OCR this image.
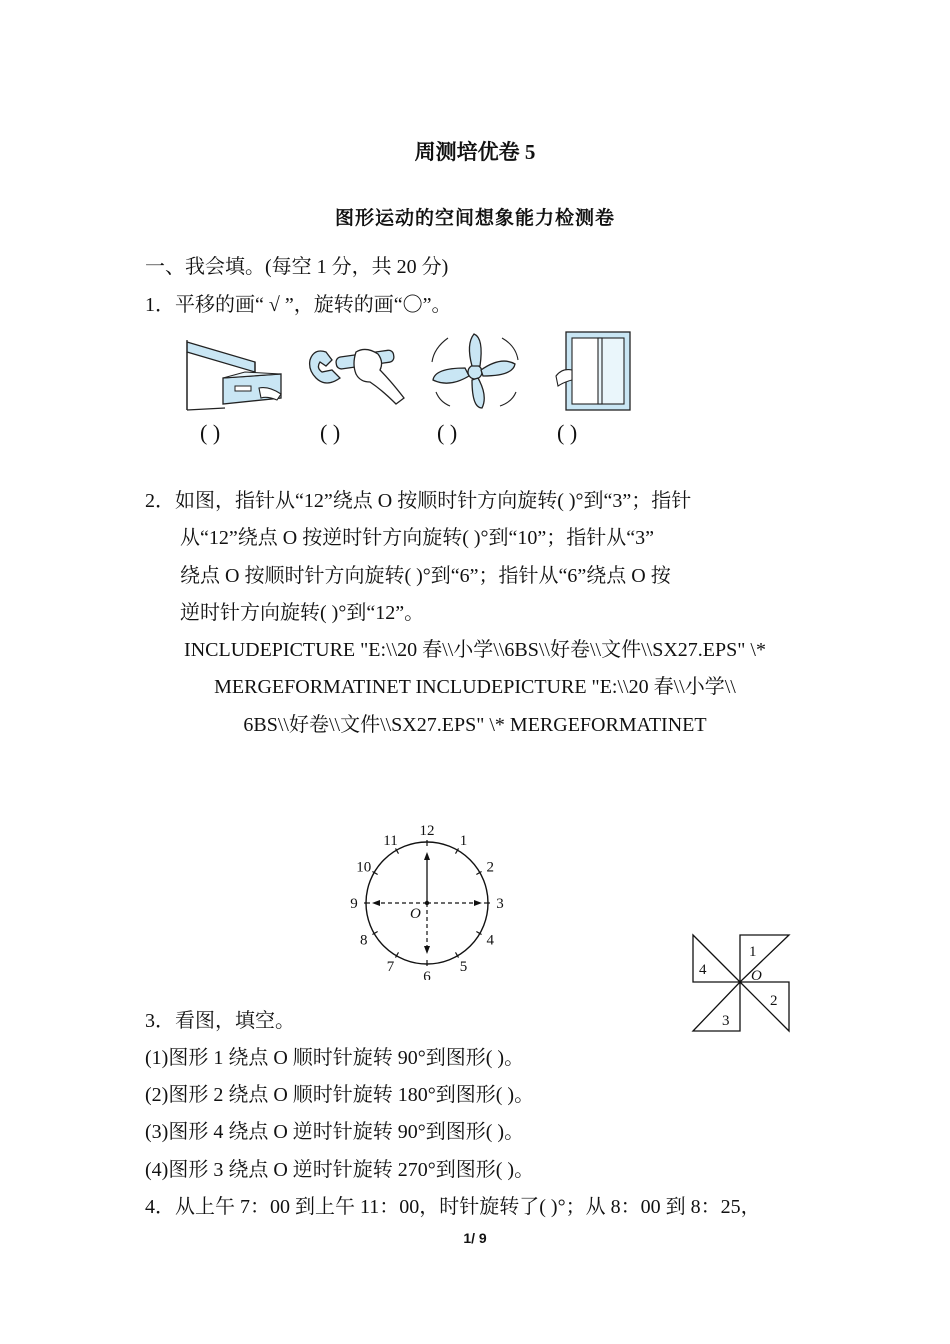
周测培优卷 5
图形运动的空间想象能力检测卷
一、我会填。(每空 1 分，共 20 分)
1．平移的画“ √ ”，旋转的画“〇”。
( )	( )	( )	( )
2．如图，指针从“12”绕点 O 按顺时针方向旋转( )°到“3”；指针
从“12”绕点 O 按逆时针方向旋转( )°到“10”；指针从“3”
绕点 O 按顺时针方向旋转( )°到“6”；指针从“6”绕点 O 按
逆时针方向旋转( )°到“12”。
INCLUDEPICTURE "E:\\20 春\\小学\\6BS\\好卷\\文件\\SX27.EPS" \*
MERGEFORMATINET INCLUDEPICTURE "E:\\20 春\\小学\\
6BS\\好卷\\文件\\SX27.EPS" \* MERGEFORMATINET
O
12
1
2
3
4
5
6
7
8
9
10
11
1
2
3
4	O
3．看图，填空。
(1)图形 1 绕点 O 顺时针旋转 90°到图形( )。
(2)图形 2 绕点 O 顺时针旋转 180°到图形( )。
(3)图形 4 绕点 O 逆时针旋转 90°到图形( )。
(4)图形 3 绕点 O 逆时针旋转 270°到图形( )。
4．从上午 7：00 到上午 11：00，时针旋转了( )°；从 8：00 到 8：25，
1/ 9
